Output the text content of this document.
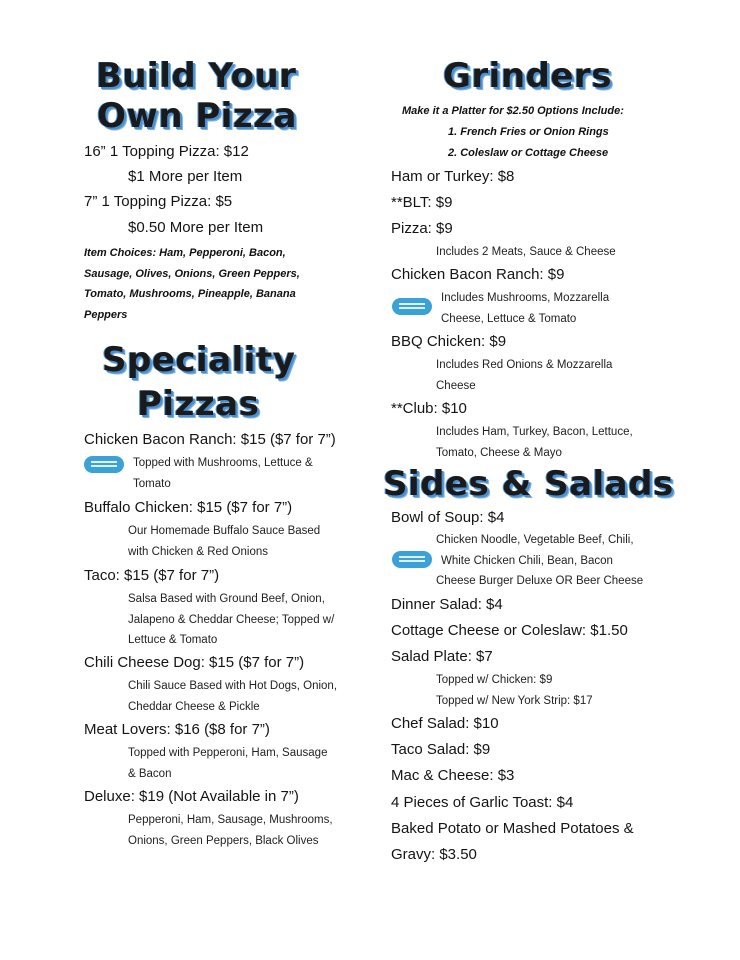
Build Your
Own Pizza
16” 1 Topping Pizza: $12
$1 More per Item
7” 1 Topping Pizza: $5
$0.50 More per Item
Item Choices: Ham, Pepperoni, Bacon,
Sausage, Olives, Onions, Green Peppers,
Tomato, Mushrooms, Pineapple, Banana
Peppers
Speciality
Pizzas
Chicken Bacon Ranch: $15 ($7 for 7”)
Topped with Mushrooms, Lettuce &
Tomato
Buffalo Chicken: $15 ($7 for 7”)
Our Homemade Buffalo Sauce Based
with Chicken & Red Onions
Taco: $15 ($7 for 7”)
Salsa Based with Ground Beef, Onion,
Jalapeno & Cheddar Cheese; Topped w/
Lettuce & Tomato
Chili Cheese Dog: $15 ($7 for 7”)
Chili Sauce Based with Hot Dogs, Onion,
Cheddar Cheese & Pickle
Meat Lovers: $16 ($8 for 7”)
Topped with Pepperoni, Ham, Sausage
& Bacon
Deluxe: $19 (Not Available in 7”)
Pepperoni, Ham, Sausage, Mushrooms,
Onions, Green Peppers, Black Olives
Grinders
Make it a Platter for $2.50 Options Include:
1. French Fries or Onion Rings
2. Coleslaw or Cottage Cheese
Ham or Turkey: $8
**BLT: $9
Pizza: $9
Includes 2 Meats, Sauce & Cheese
Chicken Bacon Ranch: $9
Includes Mushrooms, Mozzarella
Cheese, Lettuce & Tomato
BBQ Chicken: $9
Includes Red Onions & Mozzarella
Cheese
**Club: $10
Includes Ham, Turkey, Bacon, Lettuce,
Tomato, Cheese & Mayo
Sides & Salads
Bowl of Soup: $4
Chicken Noodle, Vegetable Beef, Chili,
White Chicken Chili, Bean, Bacon
Cheese Burger Deluxe OR Beer Cheese
Dinner Salad: $4
Cottage Cheese or Coleslaw: $1.50
Salad Plate: $7
Topped w/ Chicken: $9
Topped w/ New York Strip: $17
Chef Salad: $10
Taco Salad: $9
Mac & Cheese: $3
4 Pieces of Garlic Toast: $4
Baked Potato or Mashed Potatoes &
Gravy: $3.50
